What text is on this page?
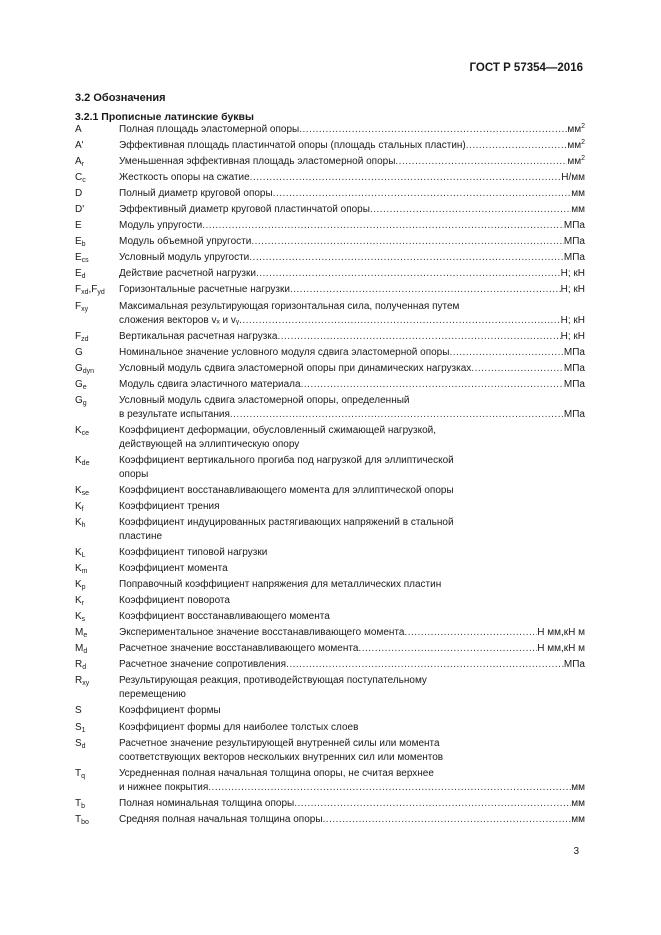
ГОСТ Р 57354—2016
3.2 Обозначения
3.2.1 Прописные латинские буквы
A	Полная площадь эластомерной опоры .....	$мм^2$
A'	Эффективная площадь пластинчатой опоры (площадь стальных пластин) .....	$мм^2$
$A_r$	Уменьшенная эффективная площадь эластомерной опоры .....	$мм^2$
$C_c$	Жесткость опоры на сжатие .....	Н/мм
D	Полный диаметр круговой опоры .....	мм
D'	Эффективный диаметр круговой пластинчатой опоры .....	мм
E	Модуль упругости .....	МПа
$E_b$	Модуль объемной упругости .....	МПа
$E_{cs}$	Условный модуль упругости .....	МПа
$E_d$	Действие расчетной нагрузки .....	Н; кН
$F_{xd},F_{yd}$	Горизонтальные расчетные нагрузки .....	Н; кН
$F_{xy}$	Максимальная результирующая горизонтальная сила, полученная путем
сложения векторов vₓ и vᵧ .....	Н; кН
$F_{zd}$	Вертикальная расчетная нагрузка .....	Н; кН
G	Номинальное значение условного модуля сдвига эластомерной опоры .....	МПа
$G_{dyn}$	Условный модуль сдвига эластомерной опоры при динамических нагрузках .....	МПа
$G_e$	Модуль сдвига эластичного материала .....	МПа
$G_g$	Условный модуль сдвига эластомерной опоры, определенный
в результате испытания .....	МПа
$K_{ce}$	Коэффициент деформации, обусловленный сжимающей нагрузкой,
действующей на эллиптическую опору
$K_{de}$	Коэффициент вертикального прогиба под нагрузкой для эллиптической
опоры
$K_{se}$	Коэффициент восстанавливающего момента для эллиптической опоры
$K_f$	Коэффициент трения
$K_h$	Коэффициент индуцированных растягивающих напряжений в стальной
пластине
$K_L$	Коэффициент типовой нагрузки
$K_m$	Коэффициент момента
$K_p$	Поправочный коэффициент напряжения для металлических пластин
$K_r$	Коэффициент поворота
$K_s$	Коэффициент восстанавливающего момента
$M_e$	Экспериментальное значение восстанавливающего момента .....	Н мм,кН м
$M_d$	Расчетное значение восстанавливающего момента .....	Н мм,кН м
$R_d$	Расчетное значение сопротивления .....	МПа
$R_{xy}$	Результирующая реакция, противодействующая поступательному
перемещению
S	Коэффициент формы
$S_1$	Коэффициент формы для наиболее толстых слоев
$S_d$	Расчетное значение результирующей внутренней силы или момента
соответствующих векторов нескольких внутренних сил или моментов
$T_q$	Усредненная полная начальная толщина опоры, не считая верхнее
и нижнее покрытия .....	мм
$T_b$	Полная номинальная толщина опоры .....	мм
$T_{bo}$	Средняя полная начальная толщина опоры .....	мм
3
